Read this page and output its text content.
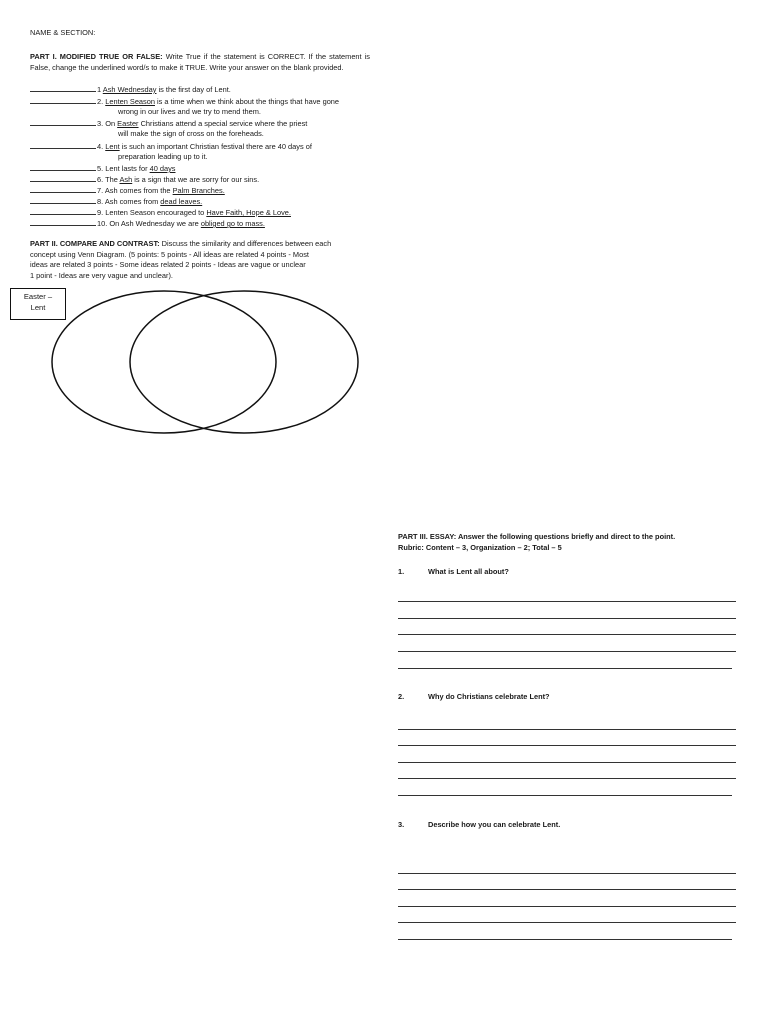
NAME & SECTION:
PART I. MODIFIED TRUE OR FALSE: Write True if the statement is CORRECT. If the statement is False, change the underlined word/s to make it TRUE. Write your answer on the blank provided.
1 Ash Wednesday is the first day of Lent.
2. Lenten Season is a time when we think about the things that have gone
wrong in our lives and we try to mend them.
3. On Easter Christians attend a special service where the priest
will make the sign of cross on the foreheads.
4. Lent is such an important Christian festival there are 40 days of
preparation leading up to it.
5. Lent lasts for 40 days
6. The Ash is a sign that we are sorry for our sins.
7. Ash comes from the Palm Branches.
8. Ash comes from dead leaves.
9. Lenten Season encouraged to Have Faith, Hope & Love.
10. On Ash Wednesday we are obliged go to mass.
PART II. COMPARE AND CONTRAST: Discuss the similarity and differences between each
concept using Venn Diagram. (5 points: 5 points - All ideas are related 4 points - Most
ideas are related 3 points - Some ideas related 2 points - Ideas are vague or unclear
1 point - Ideas are very vague and unclear).
Easter –
Lent
PART III. ESSAY: Answer the following questions briefly and direct to the point.
Rubric: Content – 3, Organization – 2; Total – 5
1.	What is Lent all about?
2.	Why do Christians celebrate Lent?
3.	Describe how you can celebrate Lent.
